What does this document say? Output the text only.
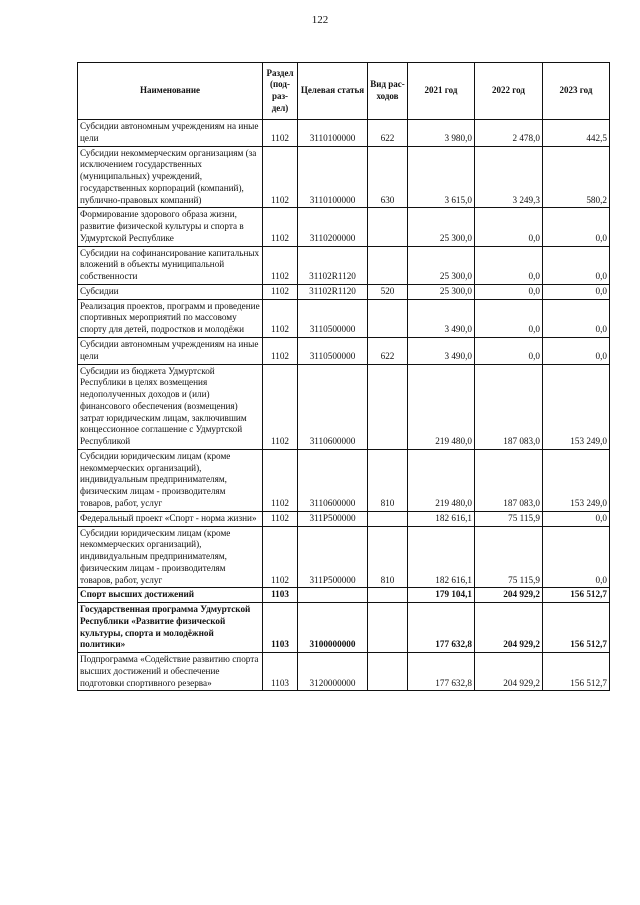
122
Наименование	Раздел (под-раз-дел)	Целевая статья	Вид рас-ходов	2021 год	2022 год	2023 год
Субсидии автономным учреждениям на иные цели	1102	3110100000	622	3 980,0	2 478,0	442,5
Субсидии некоммерческим организациям (за исключением государственных (муниципальных) учреждений, государственных корпораций (компаний), публично-правовых компаний)	1102	3110100000	630	3 615,0	3 249,3	580,2
Формирование здорового образа жизни, развитие физической культуры и спорта в Удмуртской Республике	1102	3110200000		25 300,0	0,0	0,0
Субсидии на софинансирование капитальных вложений в объекты муниципальной собственности	1102	31102R1120		25 300,0	0,0	0,0
Субсидии	1102	31102R1120	520	25 300,0	0,0	0,0
Реализация проектов, программ и проведение спортивных мероприятий по массовому спорту для детей, подростков и молодёжи	1102	3110500000		3 490,0	0,0	0,0
Субсидии автономным учреждениям на иные цели	1102	3110500000	622	3 490,0	0,0	0,0
Субсидии из бюджета Удмуртской Республики в целях возмещения недополученных доходов и (или) финансового обеспечения (возмещения) затрат юридическим лицам, заключившим концессионное соглашение с Удмуртской Республикой	1102	3110600000		219 480,0	187 083,0	153 249,0
Субсидии юридическим лицам (кроме некоммерческих организаций), индивидуальным предпринимателям, физическим лицам - производителям товаров, работ, услуг	1102	3110600000	810	219 480,0	187 083,0	153 249,0
Федеральный проект «Спорт - норма жизни»	1102	311P500000		182 616,1	75 115,9	0,0
Субсидии юридическим лицам (кроме некоммерческих организаций), индивидуальным предпринимателям, физическим лицам - производителям товаров, работ, услуг	1102	311P500000	810	182 616,1	75 115,9	0,0
Спорт высших достижений	1103			179 104,1	204 929,2	156 512,7
Государственная программа Удмуртской Республики «Развитие физической культуры, спорта и молодёжной политики»	1103	3100000000		177 632,8	204 929,2	156 512,7
Подпрограмма «Содействие развитию спорта высших достижений и обеспечение подготовки спортивного резерва»	1103	3120000000		177 632,8	204 929,2	156 512,7
